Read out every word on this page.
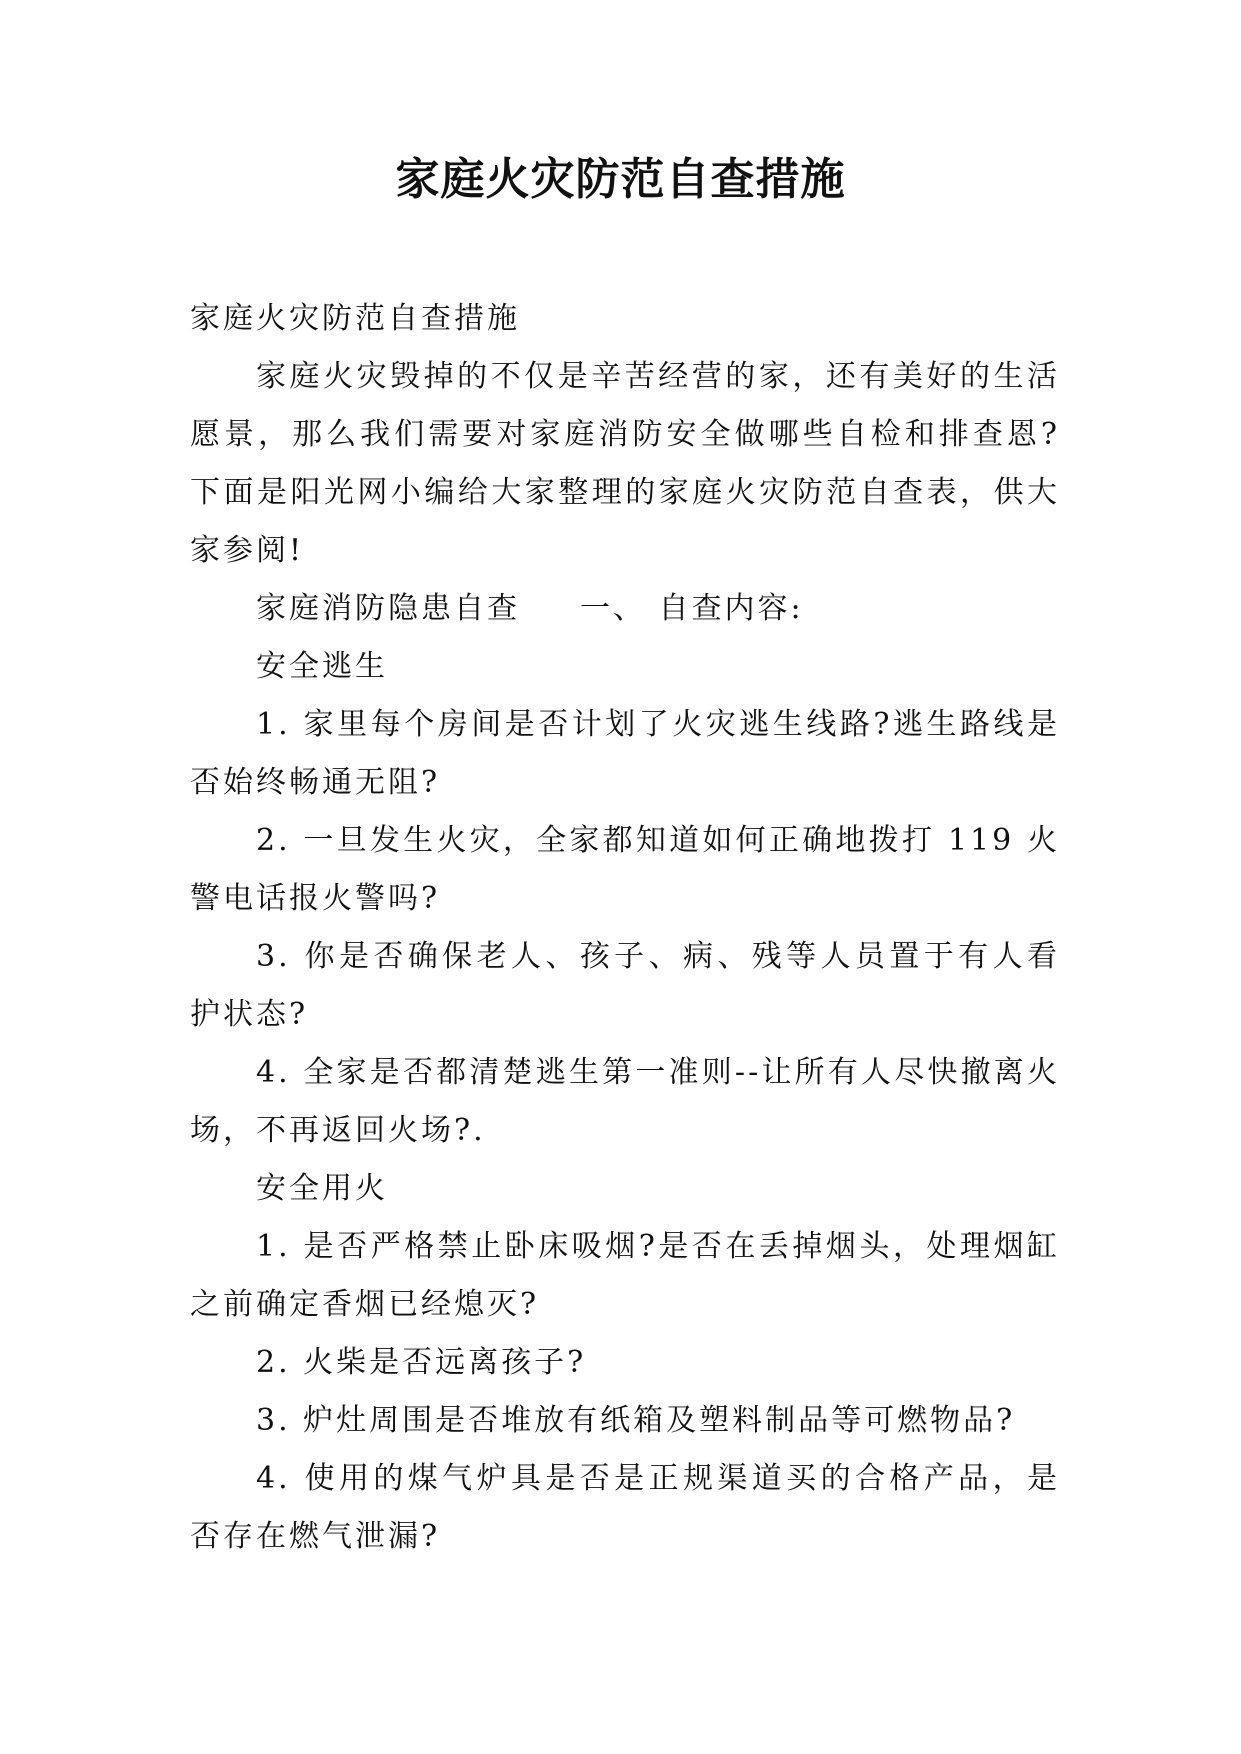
家庭火灾防范自查措施

家庭火灾防范自查措施

家庭火灾毁掉的不仅是辛苦经营的家，还有美好的生活愿景，那么我们需要对家庭消防安全做哪些自检和排查恩?下面是阳光网小编给大家整理的家庭火灾防范自查表，供大家参阅!

家庭消防隐患自查 一、 自查内容:

安全逃生

1. 家里每个房间是否计划了火灾逃生线路?逃生路线是否始终畅通无阻?

2. 一旦发生火灾，全家都知道如何正确地拨打 119 火警电话报火警吗?

3. 你是否确保老人、孩子、病、残等人员置于有人看护状态?

4. 全家是否都清楚逃生第一准则--让所有人尽快撤离火场，不再返回火场?.

安全用火

1. 是否严格禁止卧床吸烟?是否在丢掉烟头，处理烟缸之前确定香烟已经熄灭?

2. 火柴是否远离孩子?

3. 炉灶周围是否堆放有纸箱及塑料制品等可燃物品?

4. 使用的煤气炉具是否是正规渠道买的合格产品，是否存在燃气泄漏?
